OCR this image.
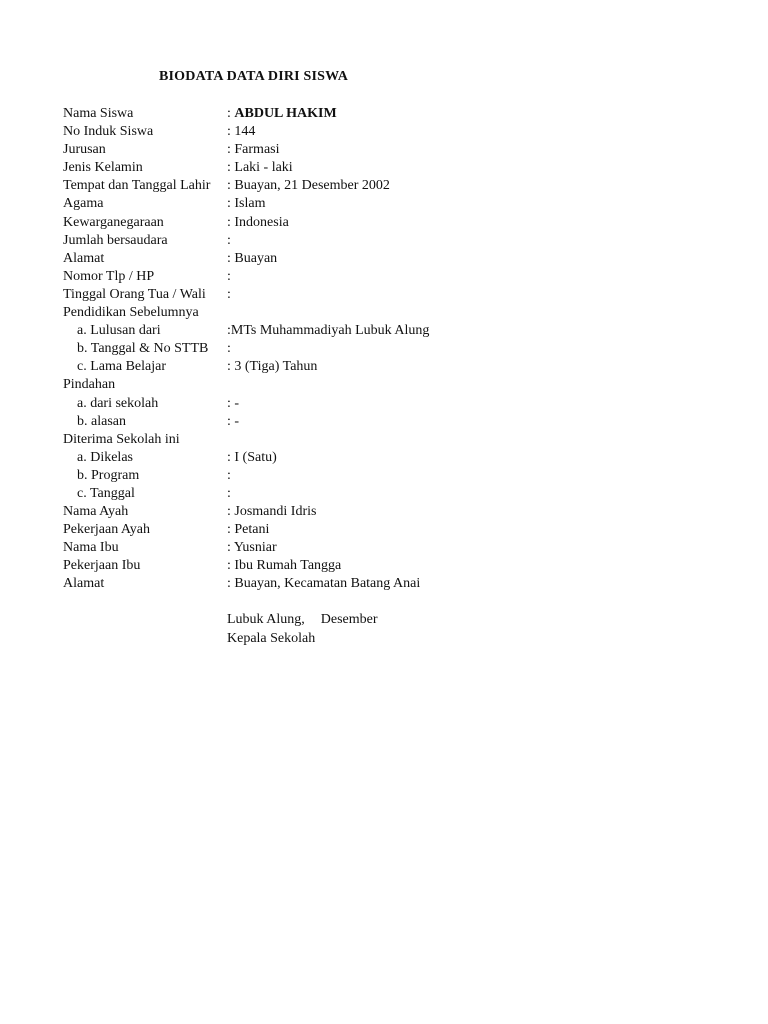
BIODATA DATA DIRI SISWA
Nama Siswa	: ABDUL HAKIM
No Induk Siswa	: 144
Jurusan	: Farmasi
Jenis Kelamin	: Laki - laki
Tempat dan Tanggal Lahir : Buayan, 21 Desember 2002
Agama	: Islam
Kewarganegaraan	: Indonesia
Jumlah bersaudara	:
Alamat	: Buayan
Nomor Tlp / HP	:
Tinggal Orang Tua / Wali :
Pendidikan Sebelumnya
a. Lulusan dari	:MTs Muhammadiyah Lubuk Alung
b. Tanggal & No STTB :
c. Lama Belajar	: 3 (Tiga) Tahun
Pindahan
a. dari sekolah	: -
b. alasan	: -
Diterima Sekolah ini
a. Dikelas	: I (Satu)
b. Program	:
c. Tanggal	:
Nama Ayah	: Josmandi Idris
Pekerjaan Ayah	: Petani
Nama Ibu	: Yusniar
Pekerjaan Ibu	: Ibu Rumah Tangga
Alamat	: Buayan, Kecamatan Batang Anai
Lubuk Alung, Desember
Kepala Sekolah
